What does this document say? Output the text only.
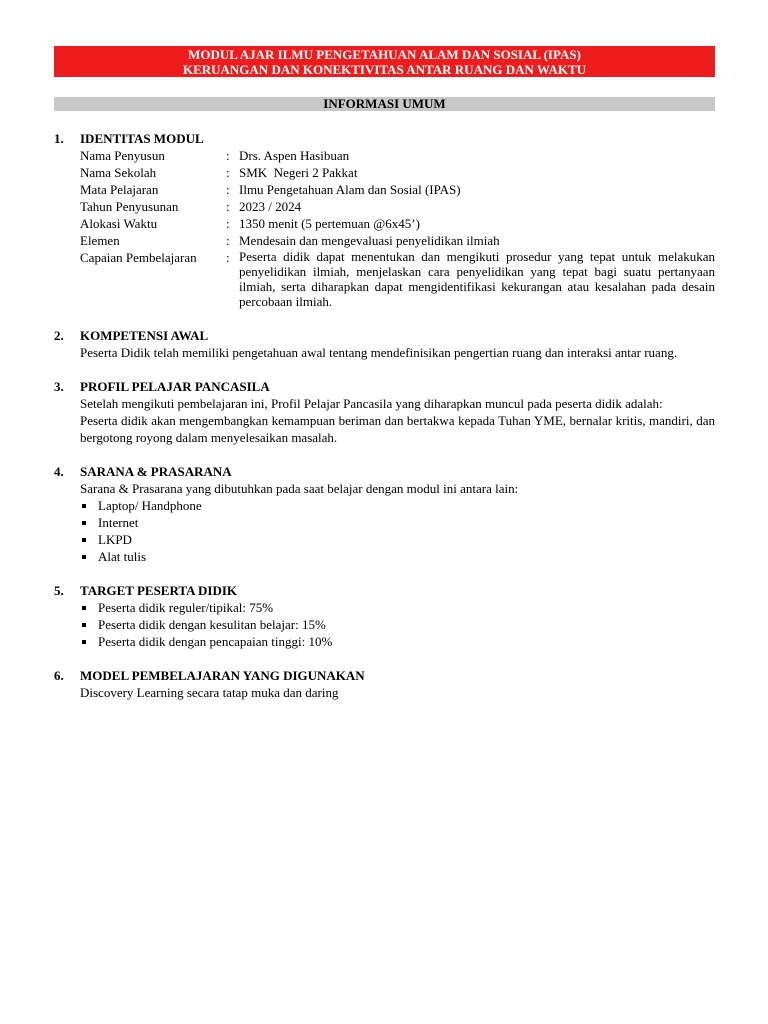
MODUL AJAR ILMU PENGETAHUAN ALAM DAN SOSIAL (IPAS)
KERUANGAN DAN KONEKTIVITAS ANTAR RUANG DAN WAKTU
INFORMASI UMUM
1.	IDENTITAS MODUL
Nama Penyusun	: Drs. Aspen Hasibuan
Nama Sekolah	: SMK  Negeri 2 Pakkat
Mata Pelajaran	: Ilmu Pengetahuan Alam dan Sosial (IPAS)
Tahun Penyusunan	: 2023 / 2024
Alokasi Waktu	: 1350 menit (5 pertemuan @6x45’)
Elemen	: Mendesain dan mengevaluasi penyelidikan ilmiah
Capaian Pembelajaran	: Peserta didik dapat menentukan dan mengikuti prosedur yang tepat untuk melakukan penyelidikan ilmiah, menjelaskan cara penyelidikan yang tepat bagi suatu pertanyaan ilmiah, serta diharapkan dapat mengidentifikasi kekurangan atau kesalahan pada desain percobaan ilmiah.
2.	KOMPETENSI AWAL

Peserta Didik telah memiliki pengetahuan awal tentang mendefinisikan pengertian ruang dan interaksi antar ruang.

3.	PROFIL PELAJAR PANCASILA

Setelah mengikuti pembelajaran ini, Profil Pelajar Pancasila yang diharapkan muncul pada peserta didik adalah:

Peserta didik akan mengembangkan kemampuan beriman dan bertakwa kepada Tuhan YME, bernalar kritis, mandiri, dan bergotong royong dalam menyelesaikan masalah.

4.	SARANA & PRASARANA

Sarana & Prasarana yang dibutuhkan pada saat belajar dengan modul ini antara lain:

Laptop/ Handphone
Internet
LKPD
Alat tulis
5.	TARGET PESERTA DIDIK
Peserta didik reguler/tipikal: 75%
Peserta didik dengan kesulitan belajar: 15%
Peserta didik dengan pencapaian tinggi: 10%
6.	MODEL PEMBELAJARAN YANG DIGUNAKAN

Discovery Learning secara tatap muka dan daring
